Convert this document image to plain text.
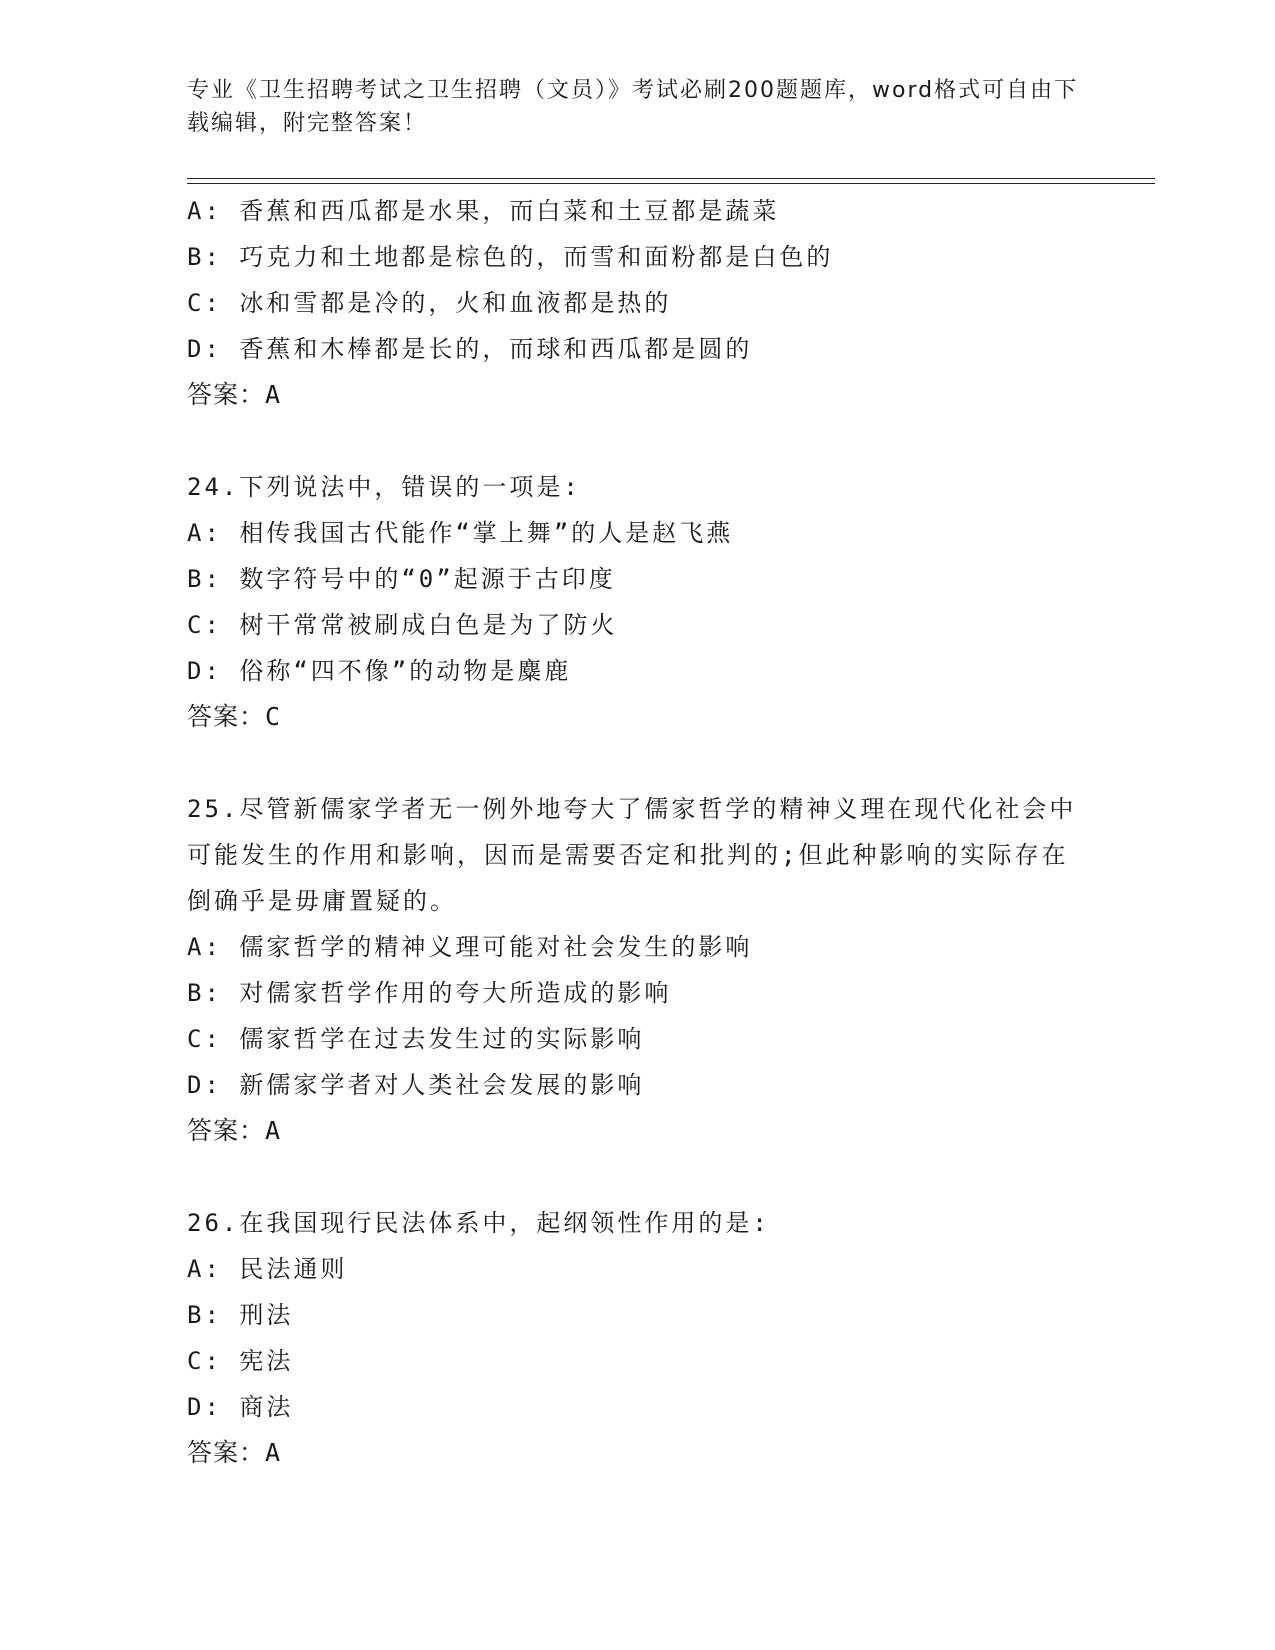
专业《卫生招聘考试之卫生招聘（文员）》考试必刷200题题库，word格式可自由下载编辑，附完整答案！
A: 香蕉和西瓜都是水果，而白菜和土豆都是蔬菜
B: 巧克力和土地都是棕色的，而雪和面粉都是白色的
C: 冰和雪都是冷的，火和血液都是热的
D: 香蕉和木棒都是长的，而球和西瓜都是圆的
答案：A
24.下列说法中，错误的一项是:
A: 相传我国古代能作“掌上舞”的人是赵飞燕
B: 数字符号中的“0”起源于古印度
C: 树干常常被刷成白色是为了防火
D: 俗称“四不像”的动物是麋鹿
答案：C
25.尽管新儒家学者无一例外地夸大了儒家哲学的精神义理在现代化社会中可能发生的作用和影响，因而是需要否定和批判的;但此种影响的实际存在倒确乎是毋庸置疑的。
A: 儒家哲学的精神义理可能对社会发生的影响
B: 对儒家哲学作用的夸大所造成的影响
C: 儒家哲学在过去发生过的实际影响
D: 新儒家学者对人类社会发展的影响
答案：A
26.在我国现行民法体系中，起纲领性作用的是:
A: 民法通则
B: 刑法
C: 宪法
D: 商法
答案：A
